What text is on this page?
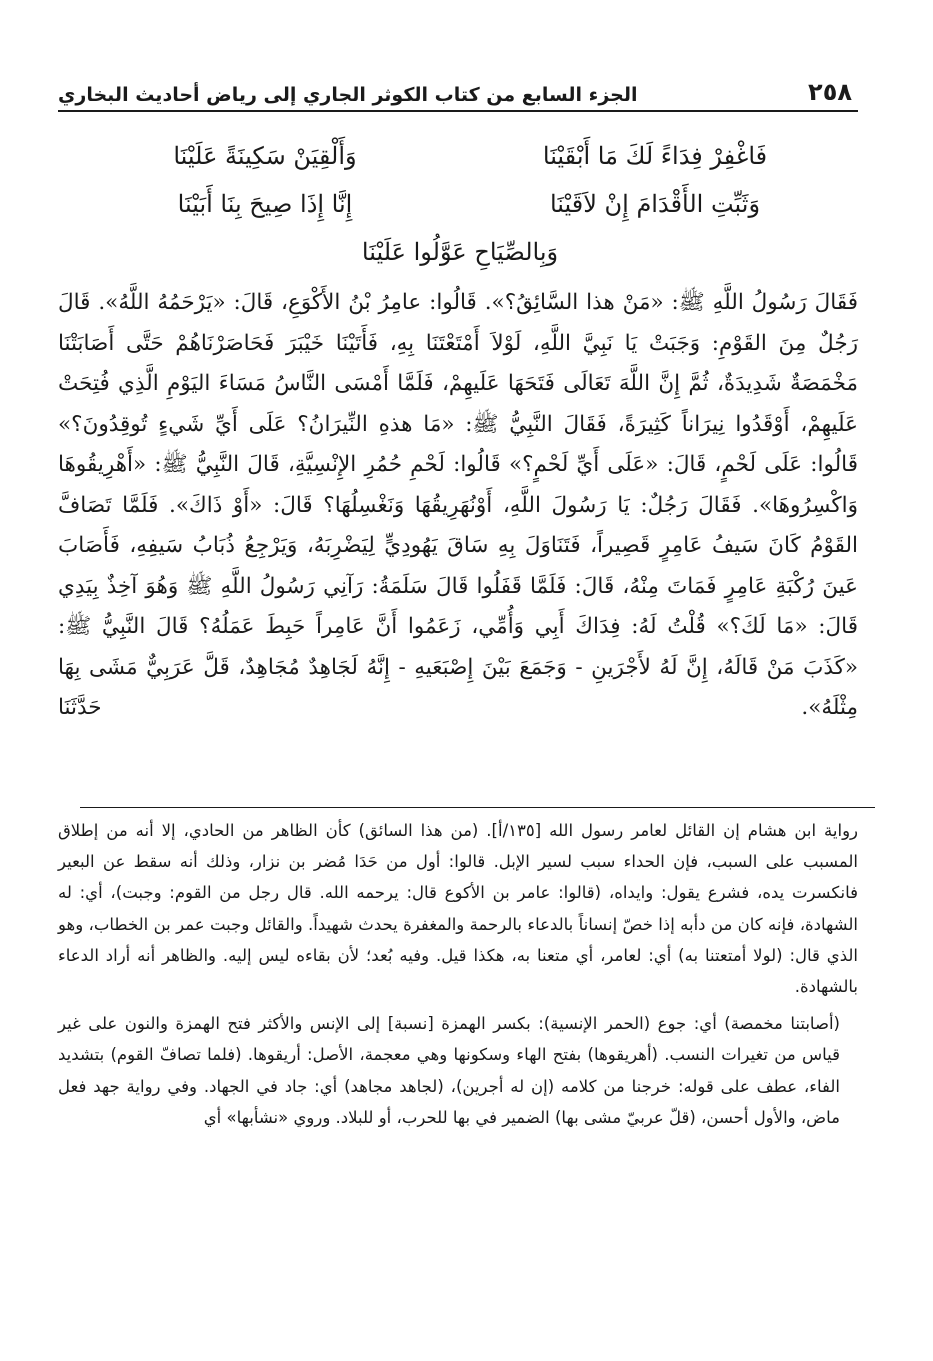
٢٥٨
الجزء السابع من كتاب الكوثر الجاري إلى رياض أحاديث البخاري
فَاغْفِرْ فِدَاءً لَكَ مَا أَبْقَيْنَا
وَأَلْقِيَنْ سَكِينَةً عَلَيْنَا
وَثَبِّتِ الأَقْدَامَ إِنْ لاَقَيْنَا
إِنَّا إِذَا صِيحَ بِنَا أَبَيْنَا
وَبِالصِّيَاحِ عَوَّلُوا عَلَيْنَا

فَقَالَ رَسُولُ اللَّهِ ﷺ: «مَنْ هذا السَّائِقُ؟». قَالُوا: عامِرُ بْنُ الأَكْوَعِ، قَالَ: «يَرْحَمُهُ اللَّهُ». قَالَ رَجُلٌ مِنَ القَوْمِ: وَجَبَتْ يَا نَبِيَّ اللَّهِ، لَوْلاَ أَمْتَعْتَنَا بِهِ، فَأَتَيْنَا خَيْبَرَ فَحَاصَرْنَاهُمْ حَتَّى أَصَابَتْنَا مَخْمَصَةٌ شَدِيدَةٌ، ثُمَّ إِنَّ اللَّهَ تَعَالَى فَتَحَهَا عَلَيهِمْ، فَلَمَّا أَمْسَى النَّاسُ مَسَاءَ اليَوْمِ الَّذِي فُتِحَتْ عَلَيهِمْ، أَوْقَدُوا نِيرَاناً كَثِيرَةً، فَقَالَ النَّبِيُّ ﷺ: «مَا هذهِ النِّيرَانُ؟ عَلَى أَيِّ شَيءٍ تُوقِدُونَ؟» قَالُوا: عَلَى لَحْمٍ، قَالَ: «عَلَى أَيِّ لَحْمٍ؟» قَالُوا: لَحْمِ حُمُرِ الإِنْسِيَّةِ، قَالَ النَّبِيُّ ﷺ: «أَهْرِيقُوهَا وَاكْسِرُوهَا». فَقَالَ رَجُلٌ: يَا رَسُولَ اللَّهِ، أَوْنُهَرِيقُهَا وَنَغْسِلُهَا؟ قَالَ: «أَوْ ذَاكَ». فَلَمَّا تَصَافَّ القَوْمُ كَانَ سَيفُ عَامِرٍ قَصِيراً، فَتَنَاوَلَ بِهِ سَاقَ يَهُودِيٍّ لِيَضْرِبَهُ، وَيَرْجِعُ ذُبَابُ سَيفِهِ، فَأَصَابَ عَينَ رُكْبَةِ عَامِرٍ فَمَاتَ مِنْهُ، قَالَ: فَلَمَّا قَفَلُوا قَالَ سَلَمَةُ: رَآنِي رَسُولُ اللَّهِ ﷺ وَهُوَ آخِذٌ بِيَدِي قَالَ: «مَا لَكَ؟» قُلْتُ لَهُ: فِدَاكَ أَبِي وَأُمِّي، زَعَمُوا أَنَّ عَامِراً حَبِطَ عَمَلُهُ؟ قَالَ النَّبِيُّ ﷺ: «كَذَبَ مَنْ قَالَهُ، إِنَّ لَهُ لأَجْرَينِ - وَجَمَعَ بَيْنَ إِصْبَعَيهِ - إِنَّهُ لَجَاهِدٌ مُجَاهِدٌ، قَلَّ عَرَبِيٌّ مَشَى بِهَا مِثْلَهُ». حَدَّثَنَا

رواية ابن هشام إن القائل لعامر رسول الله [١٣٥/أ]. (من هذا السائق) كأن الظاهر من الحادي، إلا أنه من إطلاق المسبب على السبب، فإن الحداء سبب لسير الإبل. قالوا: أول من حَدَا مُضر بن نزار، وذلك أنه سقط عن البعير فانكسرت يده، فشرع يقول: وايداه، (قالوا: عامر بن الأكوع قال: يرحمه الله. قال رجل من القوم: وجبت)، أي: له الشهادة، فإنه كان من دأبه إذا خصّ إنساناً بالدعاء بالرحمة والمغفرة يحدث شهيداً. والقائل وجبت عمر بن الخطاب، وهو الذي قال: (لولا أمتعتنا به) أي: لعامر، أي متعنا به، هكذا قيل. وفيه بُعد؛ لأن بقاءه ليس إليه. والظاهر أنه أراد الدعاء بالشهادة.

(أصابتنا مخمصة) أي: جوع (الحمر الإنسية): بكسر الهمزة [نسبة] إلى الإنس والأكثر فتح الهمزة والنون على غير قياس من تغيرات النسب. (أهريقوها) بفتح الهاء وسكونها وهي معجمة، الأصل: أريقوها. (فلما تصافّ القوم) بتشديد الفاء، عطف على قوله: خرجنا من كلامه (إن له أجرين)، (لجاهد مجاهد) أي: جاد في الجهاد. وفي رواية جهد فعل ماض، والأول أحسن، (قلّ عربيّ مشى بها) الضمير في بها للحرب، أو للبلاد. وروي «نشأبها» أي
